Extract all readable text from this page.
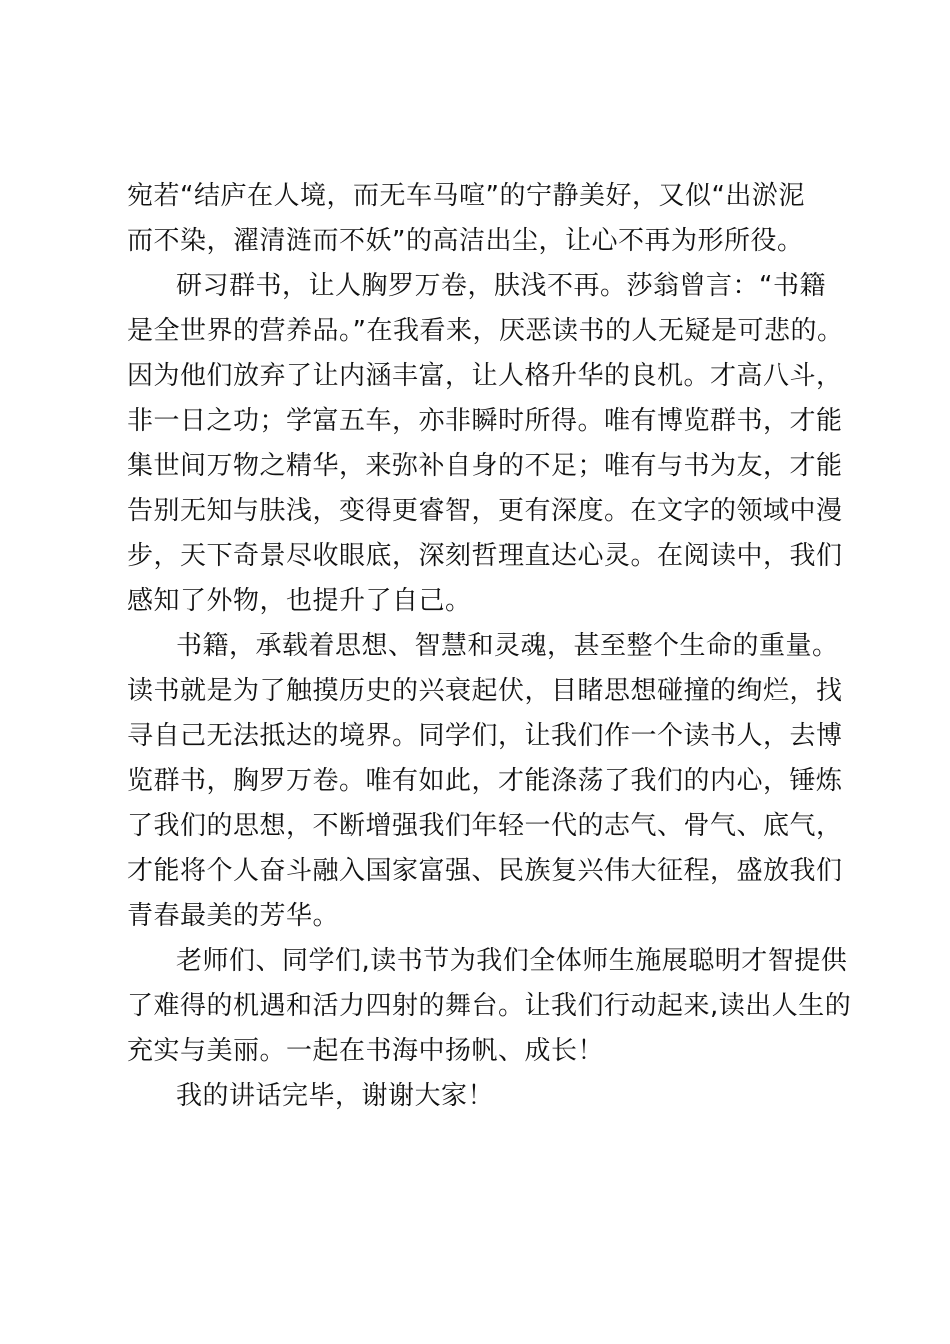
宛若“结庐在人境，而无车马喧”的宁静美好，又似“出淤泥
而不染，濯清涟而不妖”的高洁出尘，让心不再为形所役。
研习群书，让人胸罗万卷，肤浅不再。莎翁曾言：“书籍
是全世界的营养品。”在我看来，厌恶读书的人无疑是可悲的。
因为他们放弃了让内涵丰富，让人格升华的良机。才高八斗，
非一日之功；学富五车，亦非瞬时所得。唯有博览群书，才能
集世间万物之精华，来弥补自身的不足；唯有与书为友，才能
告别无知与肤浅，变得更睿智，更有深度。在文字的领域中漫
步，天下奇景尽收眼底，深刻哲理直达心灵。在阅读中，我们
感知了外物，也提升了自己。
书籍，承载着思想、智慧和灵魂，甚至整个生命的重量。
读书就是为了触摸历史的兴衰起伏，目睹思想碰撞的绚烂，找
寻自己无法抵达的境界。同学们，让我们作一个读书人，去博
览群书，胸罗万卷。唯有如此，才能涤荡了我们的内心，锤炼
了我们的思想，不断增强我们年轻一代的志气、骨气、底气，
才能将个人奋斗融入国家富强、民族复兴伟大征程，盛放我们
青春最美的芳华。
老师们、同学们,读书节为我们全体师生施展聪明才智提供
了难得的机遇和活力四射的舞台。让我们行动起来,读出人生的
充实与美丽。一起在书海中扬帆、成长！
我的讲话完毕，谢谢大家！
